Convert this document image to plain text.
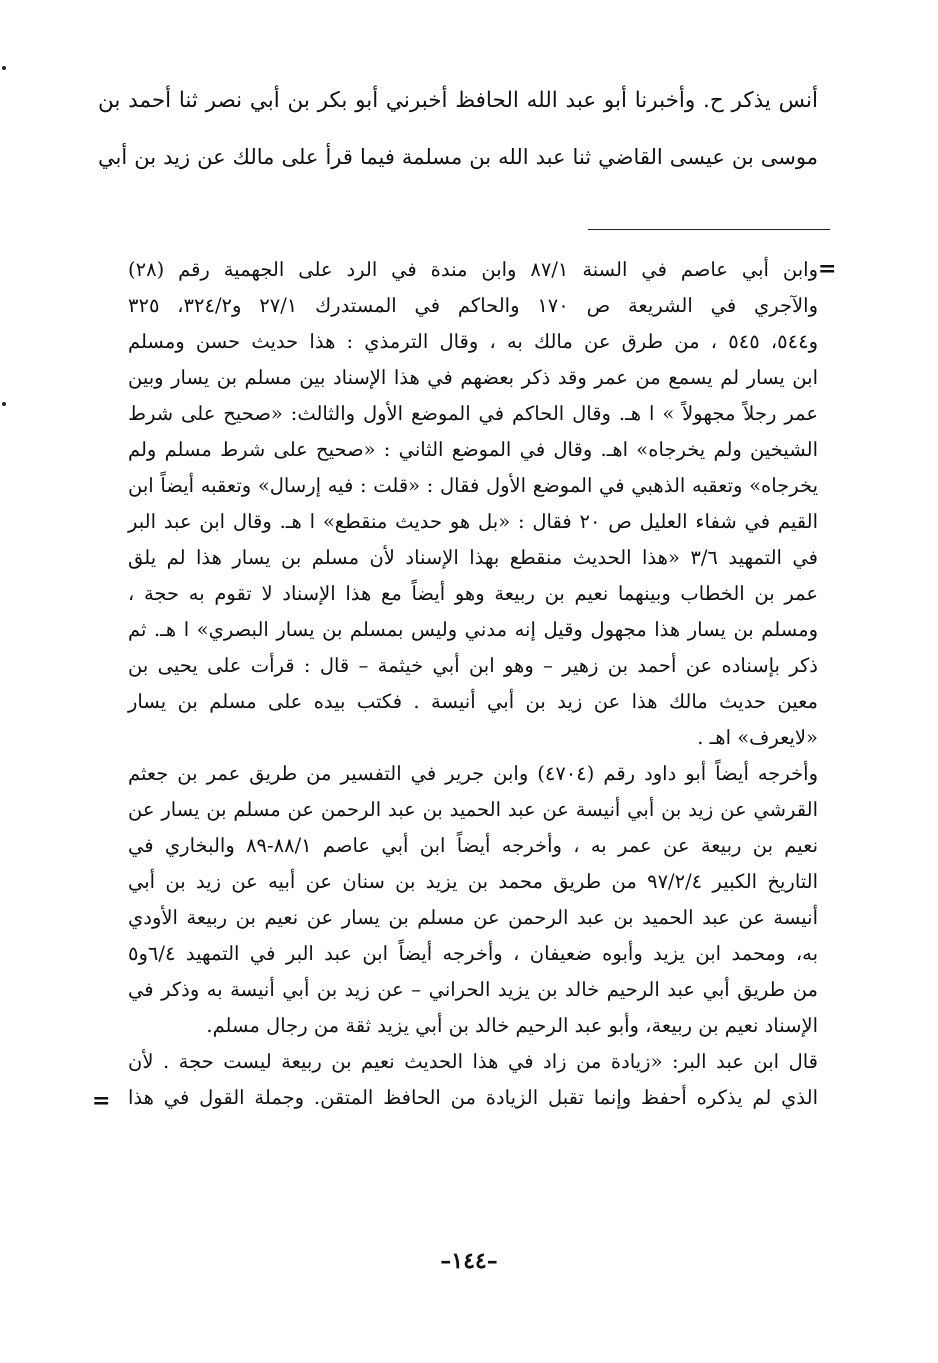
أنس يذكر ح. وأخبرنا أبو عبد الله الحافظ أخبرني أبو بكر بن أبي نصر ثنا أحمد بن
موسى بن عيسى القاضي ثنا عبد الله بن مسلمة فيما قرأ على مالك عن زيد بن أبي
=
وابن أبي عاصم في السنة ٨٧/١ وابن مندة في الرد على الجهمية رقم (٢٨)
والآجري في الشريعة ص ١٧٠ والحاكم في المستدرك ٢٧/١ و٣٢٤/٢، ٣٢٥
و٥٤٤، ٥٤٥ ، من طرق عن مالك به ، وقال الترمذي : هذا حديث حسن ومسلم
ابن يسار لم يسمع من عمر وقد ذكر بعضهم في هذا الإسناد بين مسلم بن يسار وبين
عمر رجلاً مجهولاً » ا هـ. وقال الحاكم في الموضع الأول والثالث: «صحيح على شرط
الشيخين ولم يخرجاه» اهـ. وقال في الموضع الثاني : «صحيح على شرط مسلم ولم
يخرجاه» وتعقبه الذهبي في الموضع الأول فقال : «قلت : فيه إرسال» وتعقبه أيضاً ابن
القيم في شفاء العليل ص ٢٠ فقال : «بل هو حديث منقطع» ا هـ. وقال ابن عبد البر
في التمهيد ٣/٦ «هذا الحديث منقطع بهذا الإسناد لأن مسلم بن يسار هذا لم يلق
عمر بن الخطاب وبينهما نعيم بن ربيعة وهو أيضاً مع هذا الإسناد لا تقوم به حجة ،
ومسلم بن يسار هذا مجهول وقيل إنه مدني وليس بمسلم بن يسار البصري» ا هـ. ثم
ذكر بإسناده عن أحمد بن زهير – وهو ابن أبي خيثمة – قال : قرأت على يحيى بن
معين حديث مالك هذا عن زيد بن أبي أنيسة . فكتب بيده على مسلم بن يسار
«لايعرف» اهـ .
وأخرجه أيضاً أبو داود رقم (٤٧٠٤) وابن جرير في التفسير من طريق عمر بن جعثم
القرشي عن زيد بن أبي أنيسة عن عبد الحميد بن عبد الرحمن عن مسلم بن يسار عن
نعيم بن ربيعة عن عمر به ، وأخرجه أيضاً ابن أبي عاصم ٨٨/١-٨٩ والبخاري في
التاريخ الكبير ٩٧/٢/٤ من طريق محمد بن يزيد بن سنان عن أبيه عن زيد بن أبي
أنيسة عن عبد الحميد بن عبد الرحمن عن مسلم بن يسار عن نعيم بن ربيعة الأودي
به، ومحمد ابن يزيد وأبوه ضعيفان ، وأخرجه أيضاً ابن عبد البر في التمهيد ٦/٤و٥
من طريق أبي عبد الرحيم خالد بن يزيد الحراني – عن زيد بن أبي أنيسة به وذكر في
الإسناد نعيم بن ربيعة، وأبو عبد الرحيم خالد بن أبي يزيد ثقة من رجال مسلم.
قال ابن عبد البر: «زيادة من زاد في هذا الحديث نعيم بن ربيعة ليست حجة . لأن
الذي لم يذكره أحفظ وإنما تقبل الزيادة من الحافظ المتقن. وجملة القول في هذا
=
–١٤٤–
